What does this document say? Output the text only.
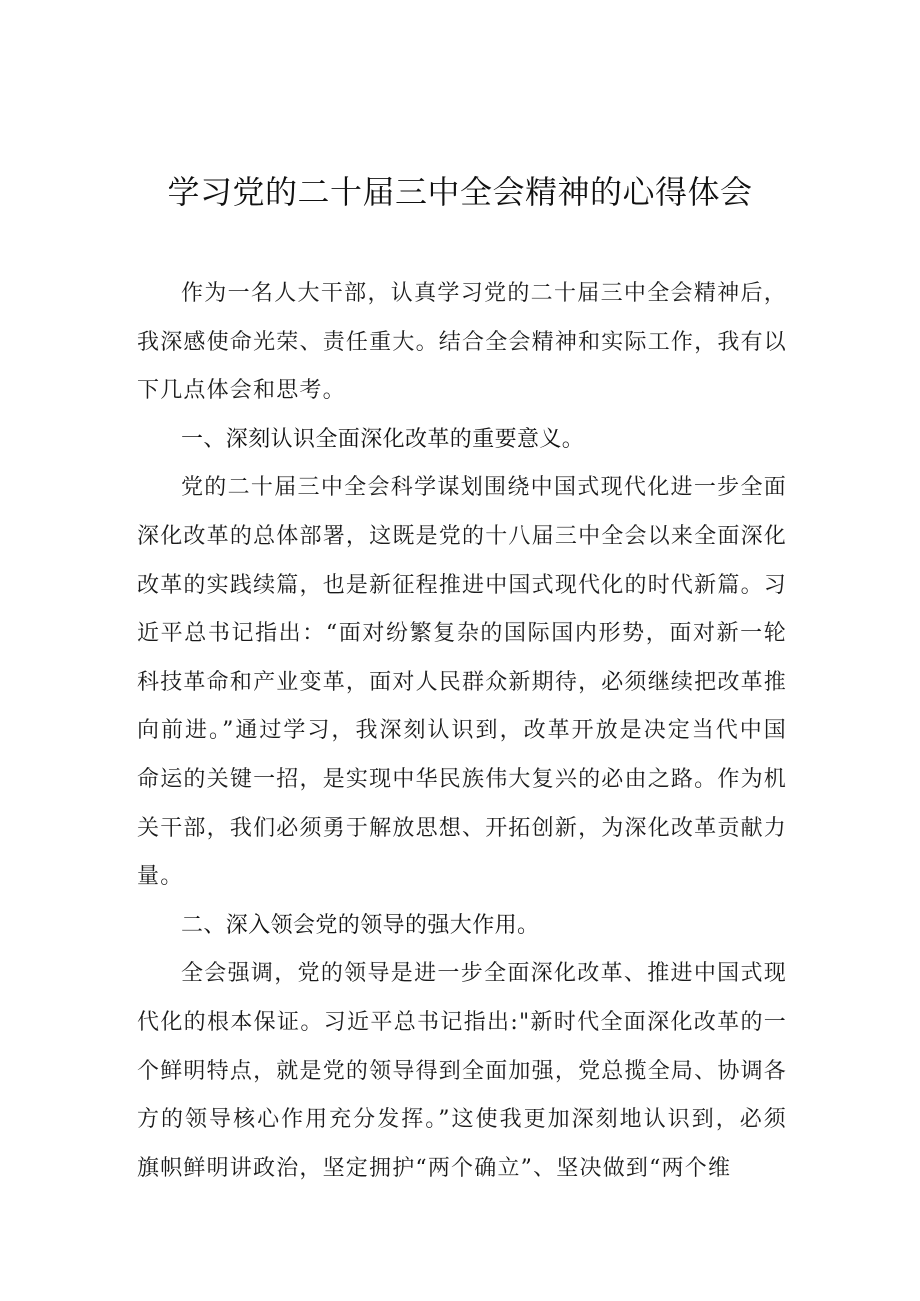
学习党的二十届三中全会精神的心得体会

作为一名人大干部，认真学习党的二十届三中全会精神后，我深感使命光荣、责任重大。结合全会精神和实际工作，我有以下几点体会和思考。

一、深刻认识全面深化改革的重要意义。

党的二十届三中全会科学谋划围绕中国式现代化进一步全面深化改革的总体部署，这既是党的十八届三中全会以来全面深化改革的实践续篇，也是新征程推进中国式现代化的时代新篇。习近平总书记指出：“面对纷繁复杂的国际国内形势，面对新一轮科技革命和产业变革，面对人民群众新期待，必须继续把改革推向前进。”通过学习，我深刻认识到，改革开放是决定当代中国命运的关键一招，是实现中华民族伟大复兴的必由之路。作为机关干部，我们必须勇于解放思想、开拓创新，为深化改革贡献力量。

二、深入领会党的领导的强大作用。

全会强调，党的领导是进一步全面深化改革、推进中国式现代化的根本保证。习近平总书记指出:"新时代全面深化改革的一个鲜明特点，就是党的领导得到全面加强，党总揽全局、协调各方的领导核心作用充分发挥。”这使我更加深刻地认识到，必须旗帜鲜明讲政治，坚定拥护“两个确立”、坚决做到“两个维
